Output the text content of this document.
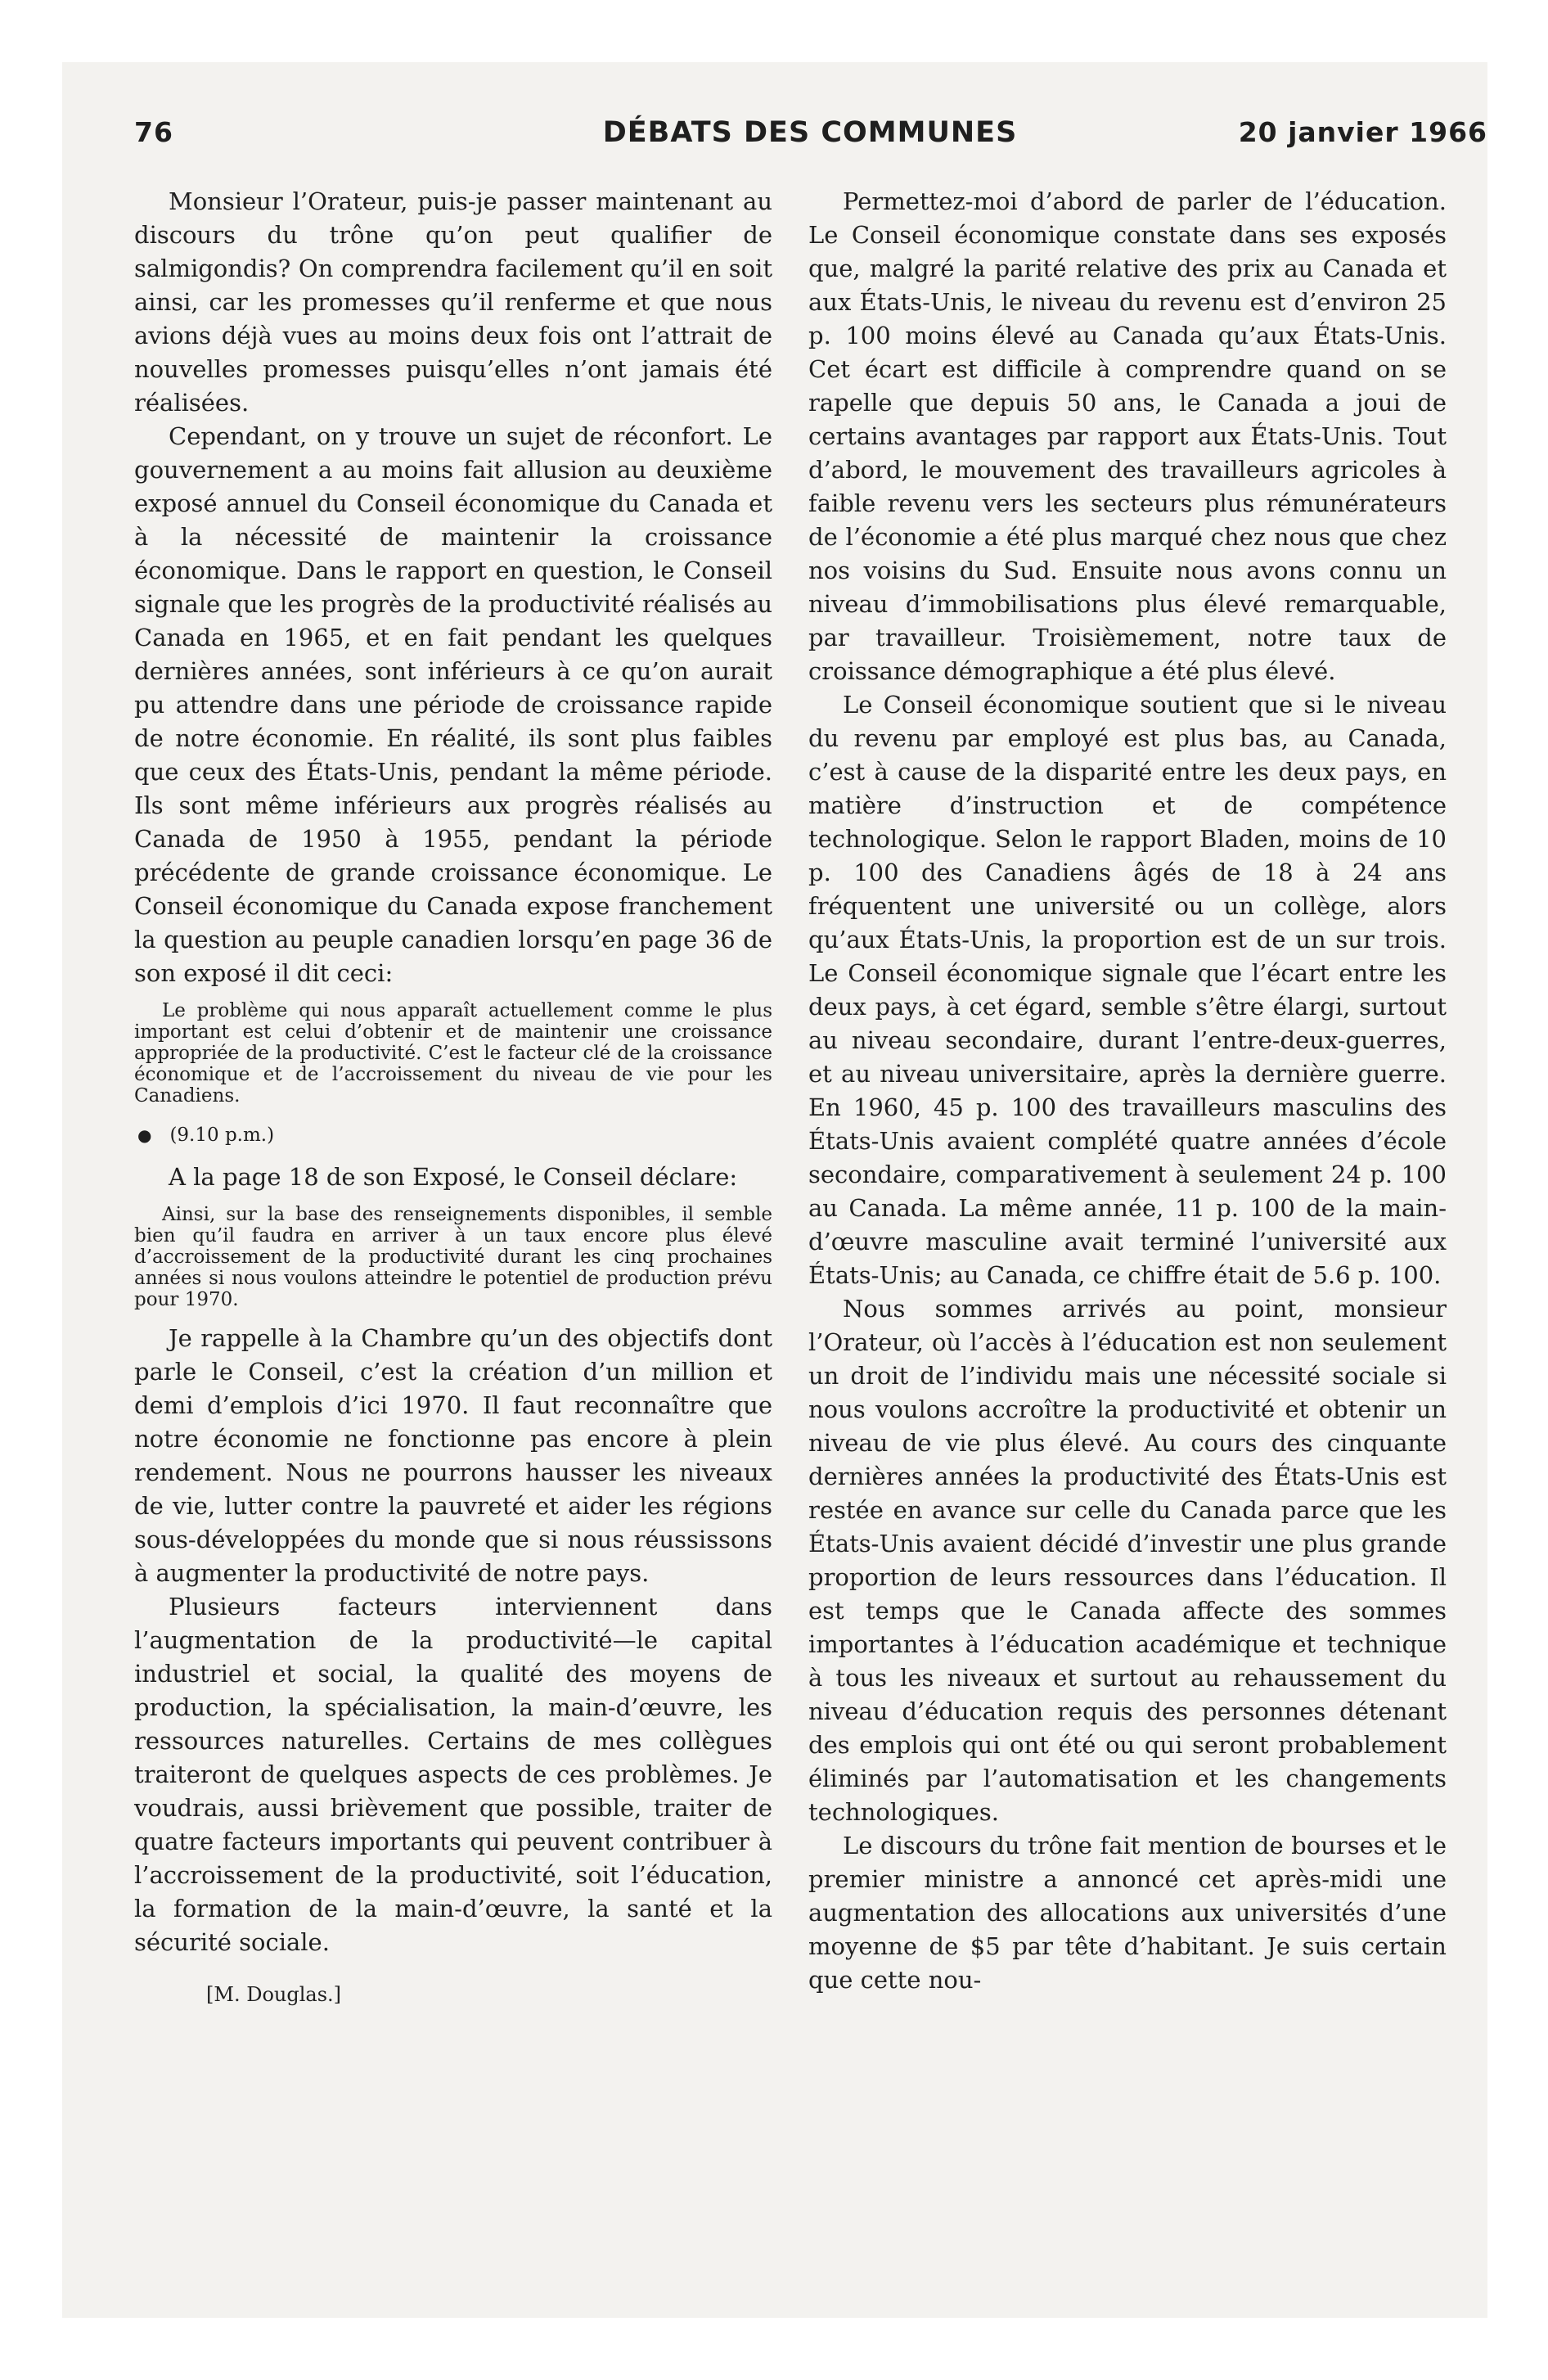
DÉBATS DES COMMUNES
76	20 janvier 1966

Monsieur l’Orateur, puis-je passer maintenant au discours du trône qu’on peut qualifier de salmigondis? On comprendra facilement qu’il en soit ainsi, car les promesses qu’il renferme et que nous avions déjà vues au moins deux fois ont l’attrait de nouvelles promesses puisqu’elles n’ont jamais été réalisées.

Cependant, on y trouve un sujet de réconfort. Le gouvernement a au moins fait allusion au deuxième exposé annuel du Conseil économique du Canada et à la nécessité de maintenir la croissance économique. Dans le rapport en question, le Conseil signale que les progrès de la productivité réalisés au Canada en 1965, et en fait pendant les quelques dernières années, sont inférieurs à ce qu’on aurait pu attendre dans une période de croissance rapide de notre économie. En réalité, ils sont plus faibles que ceux des États-Unis, pendant la même période. Ils sont même inférieurs aux progrès réalisés au Canada de 1950 à 1955, pendant la période précédente de grande croissance économique. Le Conseil économique du Canada expose franchement la question au peuple canadien lorsqu’en page 36 de son exposé il dit ceci:

Le problème qui nous apparaît actuellement comme le plus important est celui d’obtenir et de maintenir une croissance appropriée de la productivité. C’est le facteur clé de la croissance économique et de l’accroissement du niveau de vie pour les Canadiens.

● (9.10 p.m.)

A la page 18 de son Exposé, le Conseil déclare:

Ainsi, sur la base des renseignements disponibles, il semble bien qu’il faudra en arriver à un taux encore plus élevé d’accroissement de la productivité durant les cinq prochaines années si nous voulons atteindre le potentiel de production prévu pour 1970.

Je rappelle à la Chambre qu’un des objectifs dont parle le Conseil, c’est la création d’un million et demi d’emplois d’ici 1970. Il faut reconnaître que notre économie ne fonctionne pas encore à plein rendement. Nous ne pourrons hausser les niveaux de vie, lutter contre la pauvreté et aider les régions sous-développées du monde que si nous réussissons à augmenter la productivité de notre pays.

Plusieurs facteurs interviennent dans l’augmentation de la productivité—le capital industriel et social, la qualité des moyens de production, la spécialisation, la main-d’œuvre, les ressources naturelles. Certains de mes collègues traiteront de quelques aspects de ces problèmes. Je voudrais, aussi brièvement que possible, traiter de quatre facteurs importants qui peuvent contribuer à l’accroissement de la productivité, soit l’éducation, la formation de la main-d’œuvre, la santé et la sécurité sociale.

[M. Douglas.]

Permettez-moi d’abord de parler de l’éducation. Le Conseil économique constate dans ses exposés que, malgré la parité relative des prix au Canada et aux États-Unis, le niveau du revenu est d’environ 25 p. 100 moins élevé au Canada qu’aux États-Unis. Cet écart est difficile à comprendre quand on se rapelle que depuis 50 ans, le Canada a joui de certains avantages par rapport aux États-Unis. Tout d’abord, le mouvement des travailleurs agricoles à faible revenu vers les secteurs plus rémunérateurs de l’économie a été plus marqué chez nous que chez nos voisins du Sud. Ensuite nous avons connu un niveau d’immobilisations plus élevé remarquable, par travailleur. Troisièmement, notre taux de croissance démographique a été plus élevé.

Le Conseil économique soutient que si le niveau du revenu par employé est plus bas, au Canada, c’est à cause de la disparité entre les deux pays, en matière d’instruction et de compétence technologique. Selon le rapport Bladen, moins de 10 p. 100 des Canadiens âgés de 18 à 24 ans fréquentent une université ou un collège, alors qu’aux États-Unis, la proportion est de un sur trois. Le Conseil économique signale que l’écart entre les deux pays, à cet égard, semble s’être élargi, surtout au niveau secondaire, durant l’entre-deux-guerres, et au niveau universitaire, après la dernière guerre. En 1960, 45 p. 100 des travailleurs masculins des États-Unis avaient complété quatre années d’école secondaire, comparativement à seulement 24 p. 100 au Canada. La même année, 11 p. 100 de la main-d’œuvre masculine avait terminé l’université aux États-Unis; au Canada, ce chiffre était de 5.6 p. 100.

Nous sommes arrivés au point, monsieur l’Orateur, où l’accès à l’éducation est non seulement un droit de l’individu mais une nécessité sociale si nous voulons accroître la productivité et obtenir un niveau de vie plus élevé. Au cours des cinquante dernières années la productivité des États-Unis est restée en avance sur celle du Canada parce que les États-Unis avaient décidé d’investir une plus grande proportion de leurs ressources dans l’éducation. Il est temps que le Canada affecte des sommes importantes à l’éducation académique et technique à tous les niveaux et surtout au rehaussement du niveau d’éducation requis des personnes détenant des emplois qui ont été ou qui seront probablement éliminés par l’automatisation et les changements technologiques.

Le discours du trône fait mention de bourses et le premier ministre a annoncé cet après-midi une augmentation des allocations aux universités d’une moyenne de $5 par tête d’habitant. Je suis certain que cette nou-
